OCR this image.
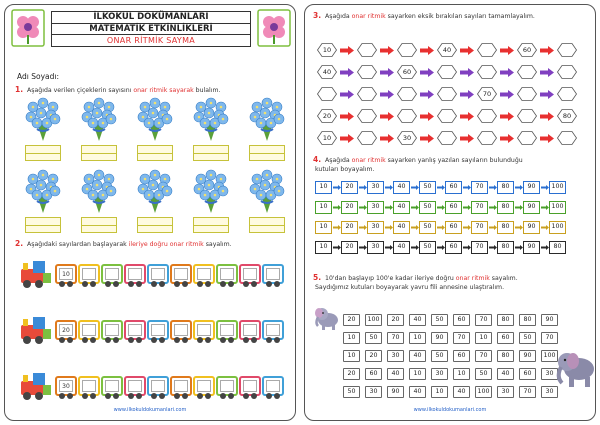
İLKOKUL DOKÜMANLARI
MATEMATİK ETKİNLİKLERİ
ONAR RİTMİK SAYMA
Adı Soyadı:
1. Aşağıda verilen çiçeklerin sayısını onar ritmik sayarak bulalım.
2. Aşağıdaki sayılardan başlayarak ileriye doğru onar ritmik sayalım.
10
20
30
www.ilkokuldokumanlari.com
3. Aşağıda onar ritmik sayarken eksik bırakılan sayıları tamamlayalım.
10	40	60
40	60
70
20	80
10	30
4. Aşağıda onar ritmik sayarken yanlış yazılan sayıların bulunduğu
kutuları boyayalım.
10	20	30	40	50	60	70	80	90	100
10	20	30	40	50	60	70	80	90	100
10	20	30	40	50	60	70	80	90	100
10	20	30	40	50	60	70	80	90	80
5. 10'dan başlayıp 100'e kadar ileriye doğru onar ritmik sayalım.
Saydığımız kutuları boyayarak yavru fili annesine ulaştıralım.
20	100	20	40	50	60	70	80	80	90
10	50	70	10	90	70	10	60	50	70
10	20	30	40	50	60	70	80	90	100
20	60	40	10	30	10	50	40	60	30
50	30	90	40	10	40	100	30	70	30
www.ilkokuldokumanlari.com
